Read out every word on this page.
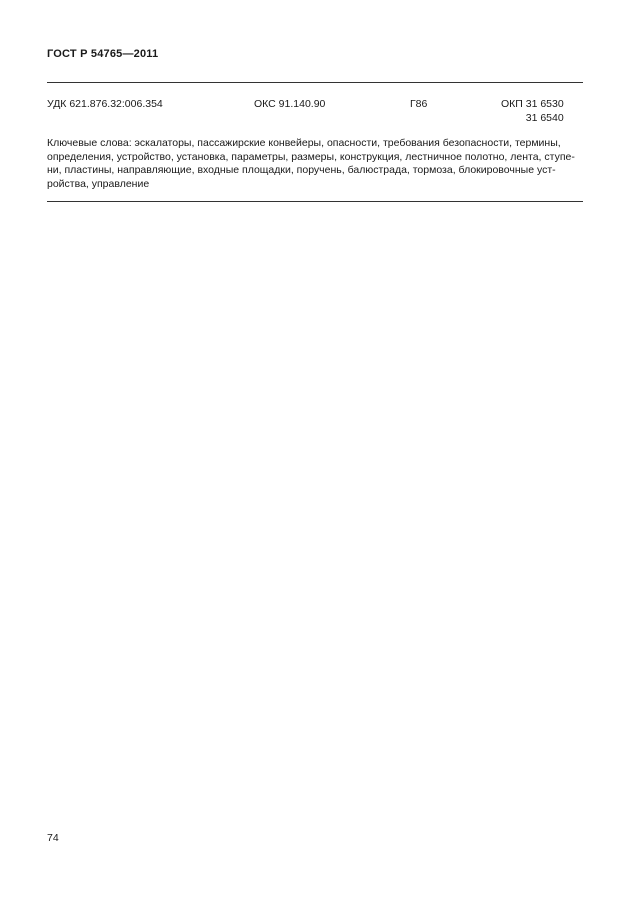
ГОСТ Р 54765—2011
УДК 621.876.32:006.354	ОКС 91.140.90	Г86	ОКП 31 6530
31 6540
Ключевые слова: эскалаторы, пассажирские конвейеры, опасности, требования безопасности, термины,
определения, устройство, установка, параметры, размеры, конструкция, лестничное полотно, лента, ступе-
ни, пластины, направляющие, входные площадки, поручень, балюстрада, тормоза, блокировочные уст-
ройства, управление
74
